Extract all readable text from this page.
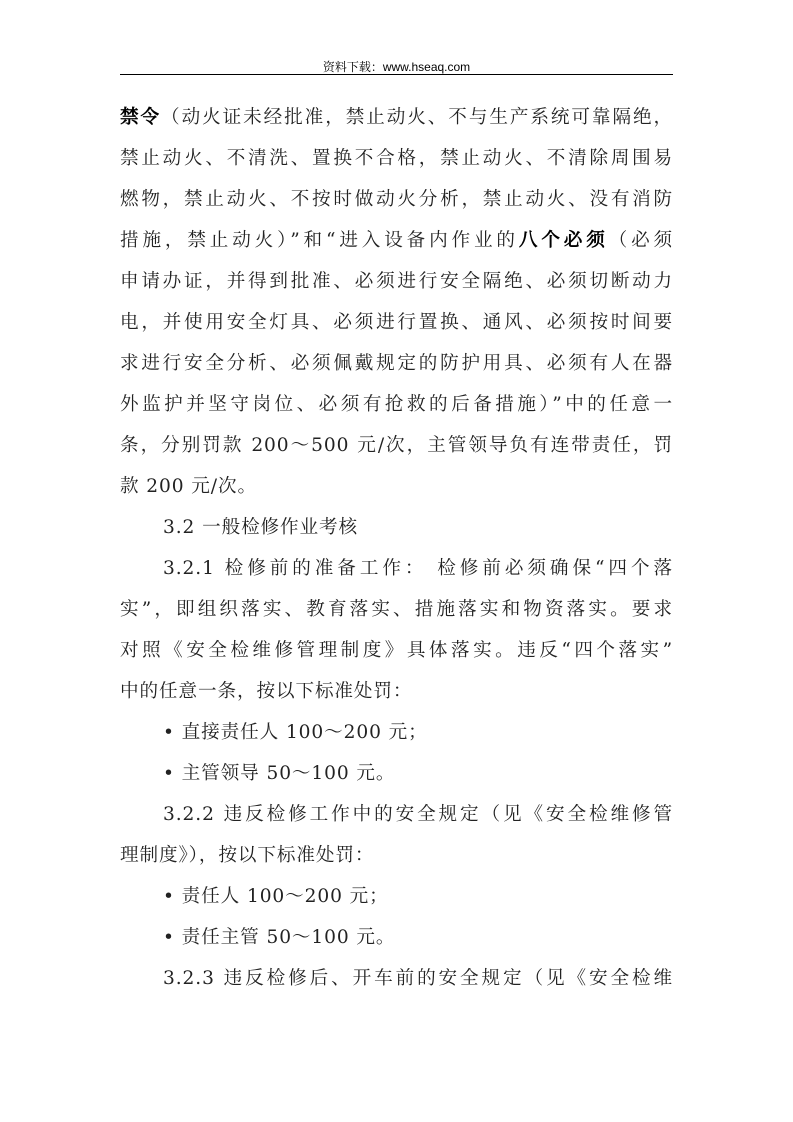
资料下载：www.hseaq.com
禁令（动火证未经批准，禁止动火、不与生产系统可靠隔绝，
禁止动火、不清洗、置换不合格，禁止动火、不清除周围易
燃物，禁止动火、不按时做动火分析，禁止动火、没有消防
措施，禁止动火）”和“进入设备内作业的八个必须（必须
申请办证，并得到批准、必须进行安全隔绝、必须切断动力
电，并使用安全灯具、必须进行置换、通风、必须按时间要
求进行安全分析、必须佩戴规定的防护用具、必须有人在器
外监护并坚守岗位、必须有抢救的后备措施）”中的任意一
条，分别罚款 200～500 元/次，主管领导负有连带责任，罚
款 200 元/次。
3.2 一般检修作业考核
3.2.1 检修前的准备工作： 检修前必须确保“四个落
实”，即组织落实、教育落实、措施落实和物资落实。要求
对照《安全检维修管理制度》具体落实。违反“四个落实”
中的任意一条，按以下标准处罚：
• 直接责任人 100～200 元；
• 主管领导 50～100 元。
3.2.2 违反检修工作中的安全规定（见《安全检维修管
理制度》），按以下标准处罚：
• 责任人 100～200 元；
• 责任主管 50～100 元。
3.2.3 违反检修后、开车前的安全规定（见《安全检维
